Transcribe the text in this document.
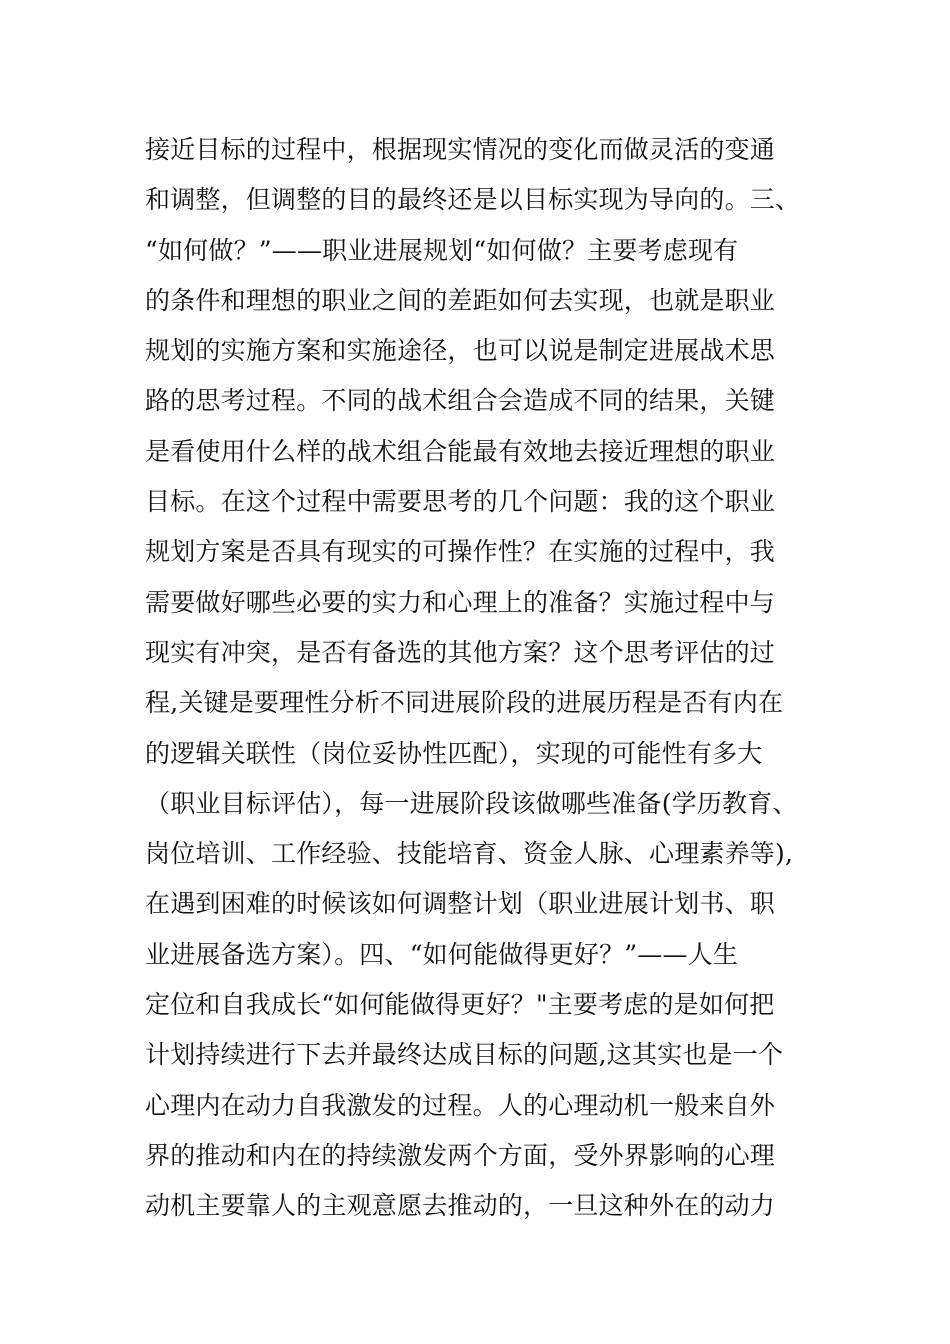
接近目标的过程中，根据现实情况的变化而做灵活的变通
和调整，但调整的目的最终还是以目标实现为导向的。三、
“如何做？”——职业进展规划“如何做？主要考虑现有
的条件和理想的职业之间的差距如何去实现，也就是职业
规划的实施方案和实施途径，也可以说是制定进展战术思
路的思考过程。不同的战术组合会造成不同的结果，关键
是看使用什么样的战术组合能最有效地去接近理想的职业
目标。在这个过程中需要思考的几个问题：我的这个职业
规划方案是否具有现实的可操作性？在实施的过程中，我
需要做好哪些必要的实力和心理上的准备？实施过程中与
现实有冲突，是否有备选的其他方案？这个思考评估的过
程,关键是要理性分析不同进展阶段的进展历程是否有内在
的逻辑关联性（岗位妥协性匹配），实现的可能性有多大
（职业目标评估），每一进展阶段该做哪些准备(学历教育、
岗位培训、工作经验、技能培育、资金人脉、心理素养等),
在遇到困难的时候该如何调整计划（职业进展计划书、职
业进展备选方案）。四、“如何能做得更好？”——人生
定位和自我成长“如何能做得更好？"主要考虑的是如何把
计划持续进行下去并最终达成目标的问题,这其实也是一个
心理内在动力自我激发的过程。人的心理动机一般来自外
界的推动和内在的持续激发两个方面，受外界影响的心理
动机主要靠人的主观意愿去推动的，一旦这种外在的动力
